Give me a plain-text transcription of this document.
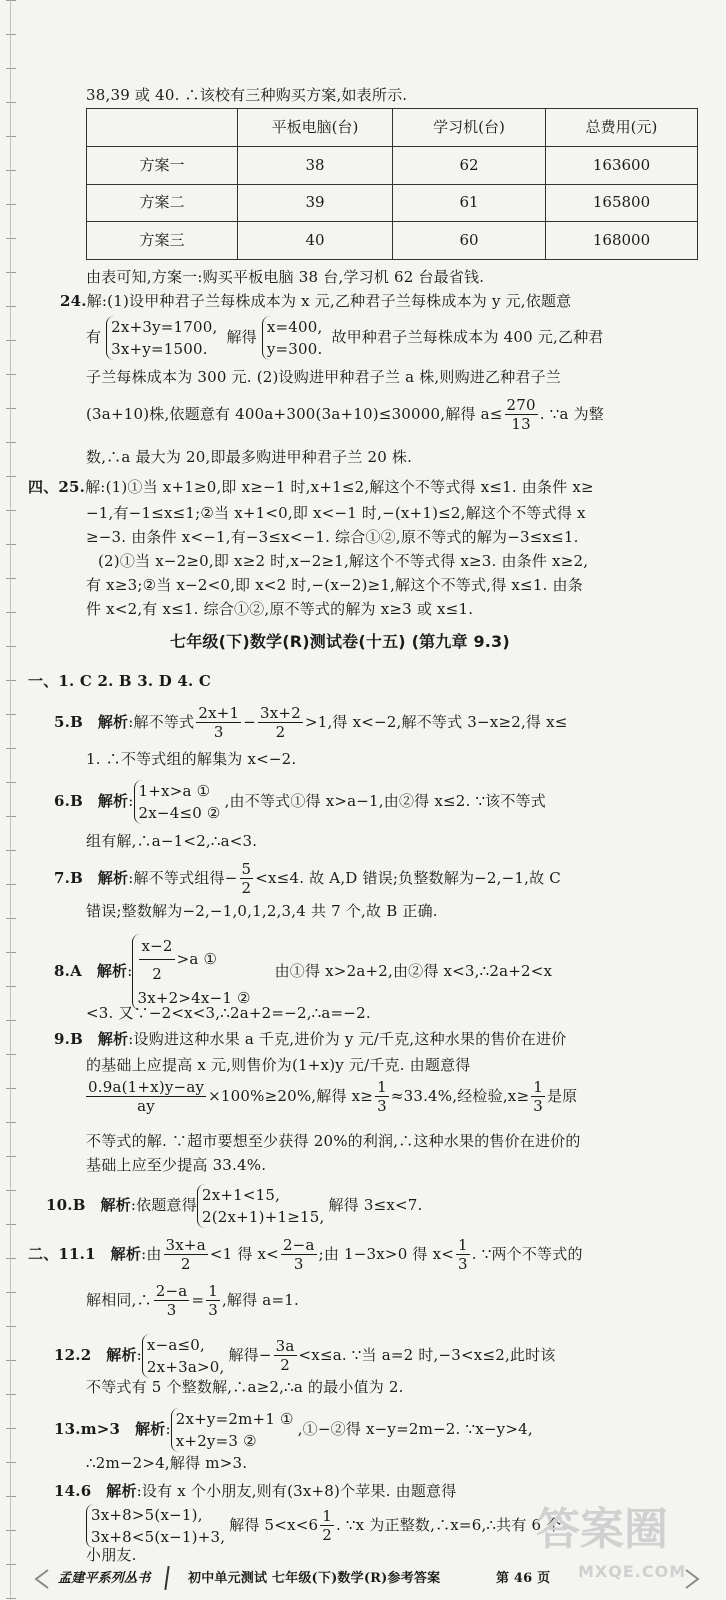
38,39 或 40. ∴该校有三种购买方案,如表所示.
	平板电脑(台)	学习机(台)	总费用(元)
方案一	38	62	163600
方案二	39	61	165800
方案三	40	60	168000
由表可知,方案一:购买平板电脑 38 台,学习机 62 台最省钱.
24.解:(1)设甲种君子兰每株成本为 x 元,乙种君子兰每株成本为 y 元,依题意
有 2x+3y=1700,
3x+y=1500. 解得 x=400,
y=300. 故甲种君子兰每株成本为 400 元,乙种君
子兰每株成本为 300 元. (2)设购进甲种君子兰 a 株,则购进乙种君子兰
(3a+10)株,依题意有 400a+300(3a+10)≤30000,解得 $a\le \frac{270}{13}$ . ∵a 为整
数,∴a 最大为 20,即最多购进甲种君子兰 20 株.
四、25.解:(1)①当 x+1≥0,即 x≥−1 时,x+1≤2,解这个不等式得 x≤1. 由条件 x≥
−1,有−1≤x≤1;②当 x+1<0,即 x<−1 时,−(x+1)≤2,解这个不等式得 x
≥−3. 由条件 x<−1,有−3≤x<−1. 综合①②,原不等式的解为−3≤x≤1.
(2)①当 x−2≥0,即 x≥2 时,x−2≥1,解这个不等式得 x≥3. 由条件 x≥2,
有 x≥3;②当 x−2<0,即 x<2 时,−(x−2)≥1,解这个不等式,得 x≤1. 由条
件 x<2,有 x≤1. 综合①②,原不等式的解为 x≥3 或 x≤1.
七年级(下)数学(R)测试卷(十五) (第九章 9.3)
一、1. C 2. B 3. D 4. C
5.B 解析:解不等式 $\frac{2x+1}{3} - \frac{3x+2}{2} >1$,得 x<−2,解不等式 3−x≥2,得 x≤
1. ∴不等式组的解集为 x<−2.
6.B 解析:1+x>a ①
2x−4≤0 ②,由不等式①得 x>a−1,由②得 x≤2. ∵该不等式
组有解,∴a−1<2,∴a<3.
7.B 解析:解不等式组得− $\frac{5}{2} <x\le 4$. 故 A,D 错误;负整数解为−2,−1,故 C
错误;整数解为−2,−1,0,1,2,3,4 共 7 个,故 B 正确.
8.A 解析: $\frac{x-2}{2} >a$ ①
3x+2>4x−1 ②    由①得 x>2a+2,由②得 x<3,∴2a+2<x
<3. 又∵−2<x<3,∴2a+2=−2,∴a=−2.
9.B 解析:设购进这种水果 a 千克,进价为 y 元/千克,这种水果的售价在进价
的基础上应提高 x 元,则售价为(1+x)y 元/千克. 由题意得
$\frac{0.9a(1+x)y-ay}{ay} \times 100\%\ge 20\%$,解得 $x\ge \frac{1}{3} \approx 33.4\%$,经检验$,x\ge \frac{1}{3}$ 是原
不等式的解. ∵超市要想至少获得 20%的利润,∴这种水果的售价在进价的
基础上应至少提高 33.4%.
10.B 解析:依题意得2x+1<15,
2(2x+1)+1≥15,解得 3≤x<7.
二、11.1 解析:由 $\frac{3x+a}{2} <1$ 得 $x< \frac{2-a}{3}$ ;由 1−3x>0 得 $x< \frac{1}{3}$ . ∵两个不等式的
解相同,∴ $\frac{2-a}{3} = \frac{1}{3}$ ,解得 a=1.
12.2 解析:x−a≤0,
2x+3a>0,解得− $\frac{3a}{2} <x\le a$. ∵当 a=2 时,−3<x≤2,此时该
不等式有 5 个整数解,∴a≥2,∴a 的最小值为 2.
13.m>3 解析:2x+y=2m+1 ①
x+2y=3 ②,①−②得 x−y=2m−2. ∵x−y>4,
∴2m−2>4,解得 m>3.
14.6 解析:设有 x 个小朋友,则有(3x+8)个苹果. 由题意得
3x+8>5(x−1),
3x+8<5(x−1)+3,解得 $5<x<6 \frac{1}{2}$ . ∵x 为正整数,∴x=6,∴共有 6 个
小朋友.	答案圈
MXQE.COM
孟建平系列丛书	初中单元测试 七年级(下)数学(R)参考答案	第 46 页
